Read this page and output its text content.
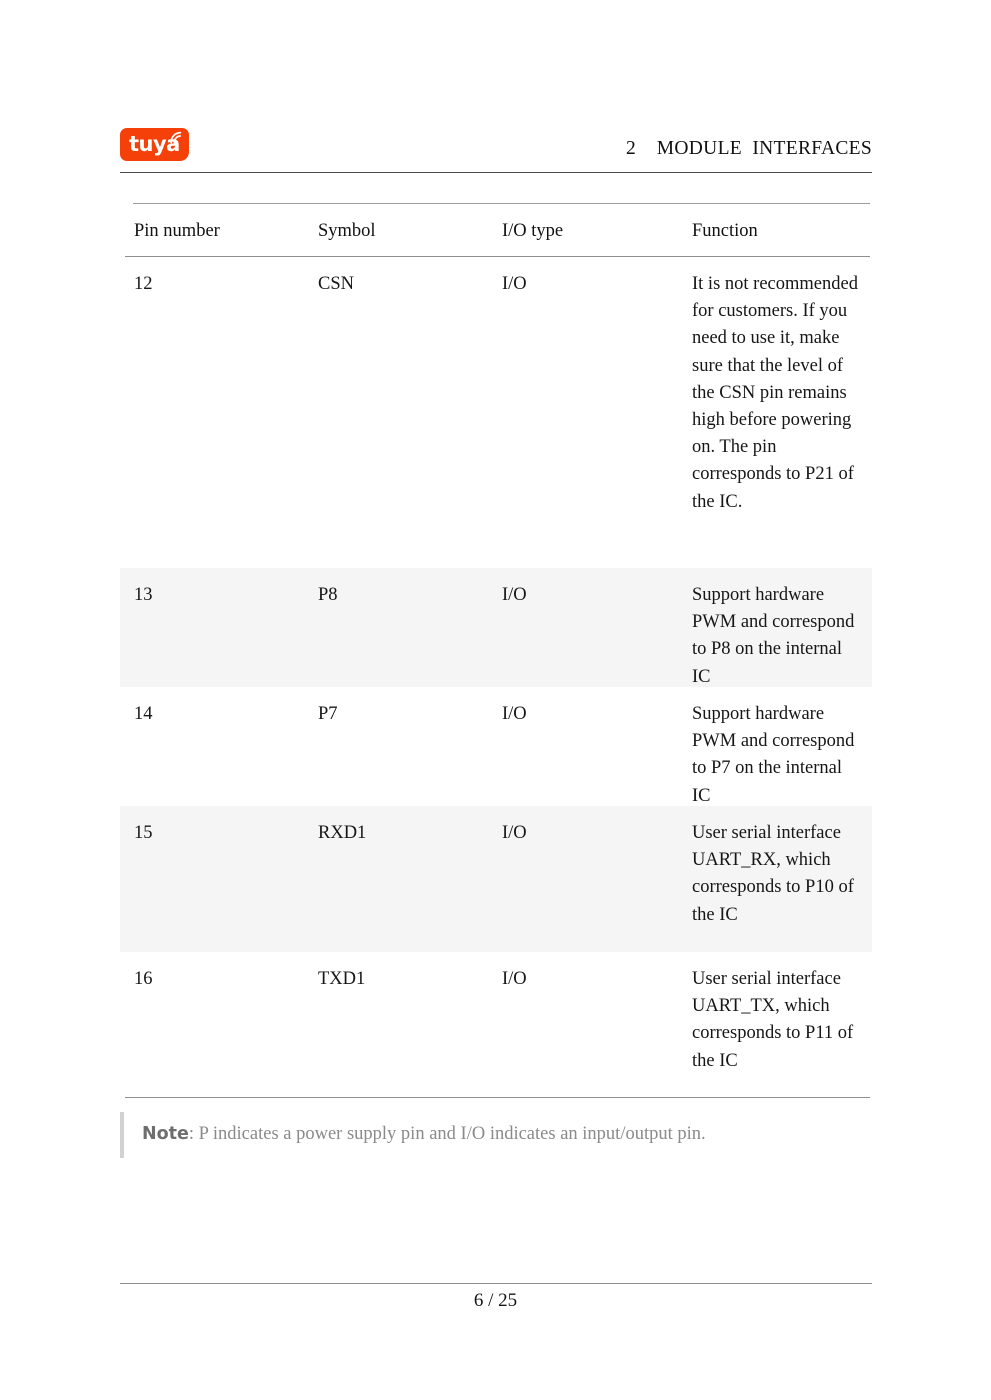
tuya	2    MODULE  INTERFACES
Pin number	Symbol	I/O type	Function
12	CSN	I/O	It is not recommended for customers. If you need to use it, make sure that the level of the CSN pin remains high before powering on. The pin corresponds to P21 of the IC.
13	P8	I/O	Support hardware PWM and correspond to P8 on the internal IC
14	P7	I/O	Support hardware PWM and correspond to P7 on the internal IC
15	RXD1	I/O	User serial interface UART_RX, which corresponds to P10 of the IC
16	TXD1	I/O	User serial interface UART_TX, which corresponds to P11 of the IC
Note: P indicates a power supply pin and I/O indicates an input/output pin.
6 / 25
